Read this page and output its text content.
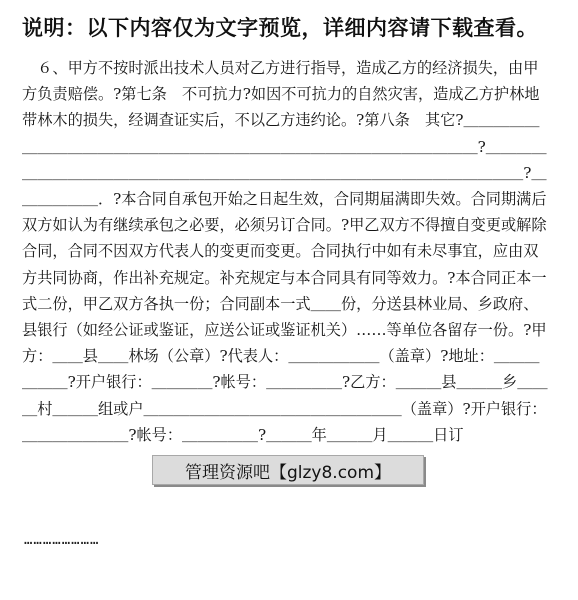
说明：以下内容仅为文字预览，详细内容请下载查看。

　６、甲方不按时派出技术人员对乙方进行指导，造成乙方的经济损失，由甲方负责赔偿。?第七条　不可抗力?如因不可抗力的自然灾害，造成乙方护林地带林木的损失，经调查证实后，不以乙方违约论。?第八条　其它?＿＿＿＿＿＿＿＿＿＿＿＿＿＿＿＿＿＿＿＿＿＿＿＿＿＿＿＿＿＿＿＿＿＿＿?＿＿＿＿＿＿＿＿＿＿＿＿＿＿＿＿＿＿＿＿＿＿＿＿＿＿＿＿＿＿＿＿＿＿＿＿＿?＿＿＿＿＿＿．?本合同自承包开始之日起生效，合同期届满即失效。合同期满后双方如认为有继续承包之必要，必须另订合同。?甲乙双方不得擅自变更或解除合同，合同不因双方代表人的变更而变更。合同执行中如有未尽事宜，应由双方共同协商，作出补充规定。补充规定与本合同具有同等效力。?本合同正本一式二份，甲乙双方各执一份；合同副本一式＿＿份，分送县林业局、乡政府、县银行（如经公证或鉴证，应送公证或鉴证机关）……等单位各留存一份。?甲方：＿＿县＿＿林场（公章）?代表人：＿＿＿＿＿＿（盖章）?地址：＿＿＿＿＿＿?开户银行：＿＿＿＿?帐号：＿＿＿＿＿?乙方：＿＿＿县＿＿＿乡＿＿＿村＿＿＿组或户＿＿＿＿＿＿＿＿＿＿＿＿＿＿＿＿＿（盖章）?开户银行：＿＿＿＿＿＿＿?帐号：＿＿＿＿＿?＿＿＿年＿＿＿月＿＿＿日订

……………………
管理资源吧【glzy8.com】
